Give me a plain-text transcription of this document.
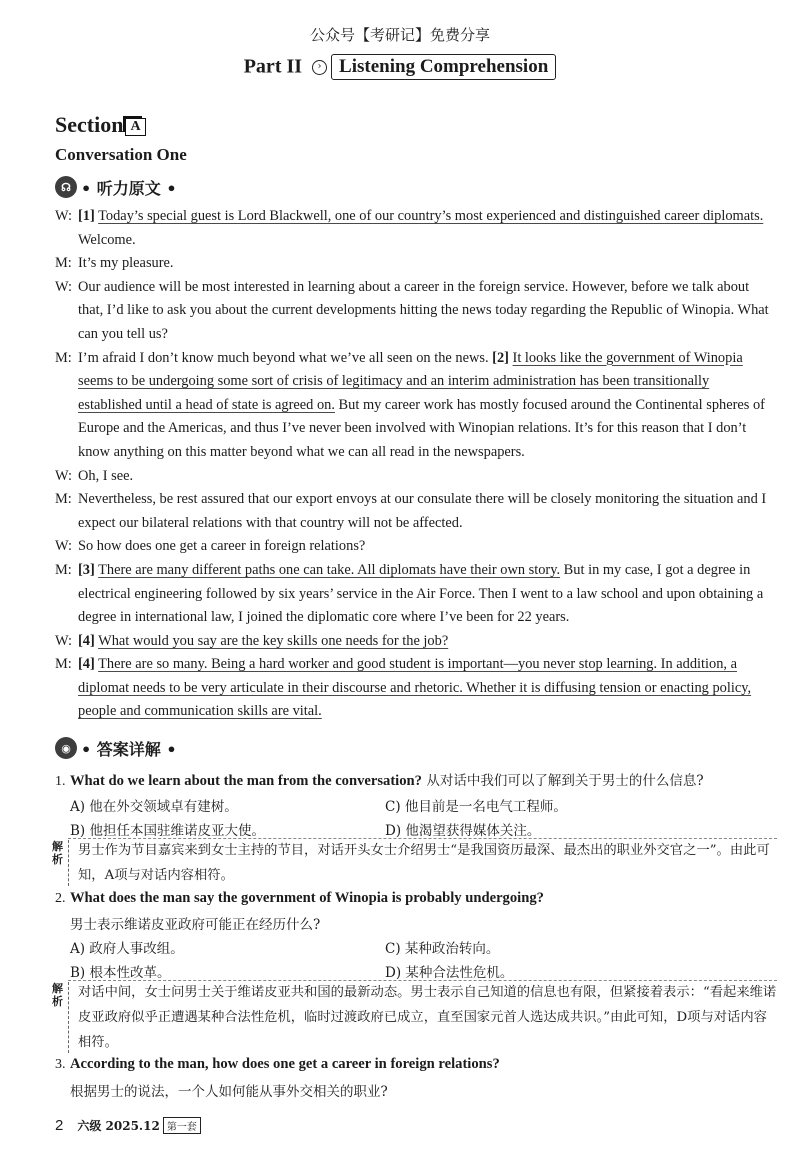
公众号【考研记】免费分享
Part II › Listening Comprehension
Section A
Conversation One
☊ • 听力原文 •
W: [1] Today’s special guest is Lord Blackwell, one of our country’s most experienced and distinguished career diplomats. Welcome.
M: It’s my pleasure.
W: Our audience will be most interested in learning about a career in the foreign service. However, before we talk about that, I’d like to ask you about the current developments hitting the news today regarding the Republic of Winopia. What can you tell us?
M: I’m afraid I don’t know much beyond what we’ve all seen on the news. [2] It looks like the government of Winopia seems to be undergoing some sort of crisis of legitimacy and an interim administration has been transitionally established until a head of state is agreed on. But my career work has mostly focused around the Continental spheres of Europe and the Americas, and thus I’ve never been involved with Winopian relations. It’s for this reason that I don’t know anything on this matter beyond what we can all read in the newspapers.
W: Oh, I see.
M: Nevertheless, be rest assured that our export envoys at our consulate there will be closely monitoring the situation and I expect our bilateral relations with that country will not be affected.
W: So how does one get a career in foreign relations?
M: [3] There are many different paths one can take. All diplomats have their own story. But in my case, I got a degree in electrical engineering followed by six years’ service in the Air Force. Then I went to a law school and upon obtaining a degree in international law, I joined the diplomatic core where I’ve been for 22 years.
W: [4] What would you say are the key skills one needs for the job?
M: [4] There are so many. Being a hard worker and good student is important—you never stop learning. In addition, a diplomat needs to be very articulate in their discourse and rhetoric. Whether it is diffusing tension or enacting policy, people and communication skills are vital.
◉ • 答案详解 •
1. What do we learn about the man from the conversation? 从对话中我们可以了解到关于男士的什么信息?
A) 他在外交领域卓有建树。	C) 他目前是一名电气工程师。
B) 他担任本国驻维诺皮亚大使。	D) 他渴望获得媒体关注。
解析
男士作为节目嘉宾来到女士主持的节目，对话开头女士介绍男士“是我国资历最深、最杰出的职业外交官之一”。由此可知，A项与对话内容相符。
2. What does the man say the government of Winopia is probably undergoing?
男士表示维诺皮亚政府可能正在经历什么?
A) 政府人事改组。	C) 某种政治转向。
B) 根本性改革。	D) 某种合法性危机。
解析
对话中间，女士问男士关于维诺皮亚共和国的最新动态。男士表示自己知道的信息也有限，但紧接着表示：“看起来维诺皮亚政府似乎正遭遇某种合法性危机，临时过渡政府已成立，直至国家元首人选达成共识。”由此可知，D项与对话内容相符。
3. According to the man, how does one get a career in foreign relations?
根据男士的说法，一个人如何能从事外交相关的职业?
2 六级 2025.12 第一套
